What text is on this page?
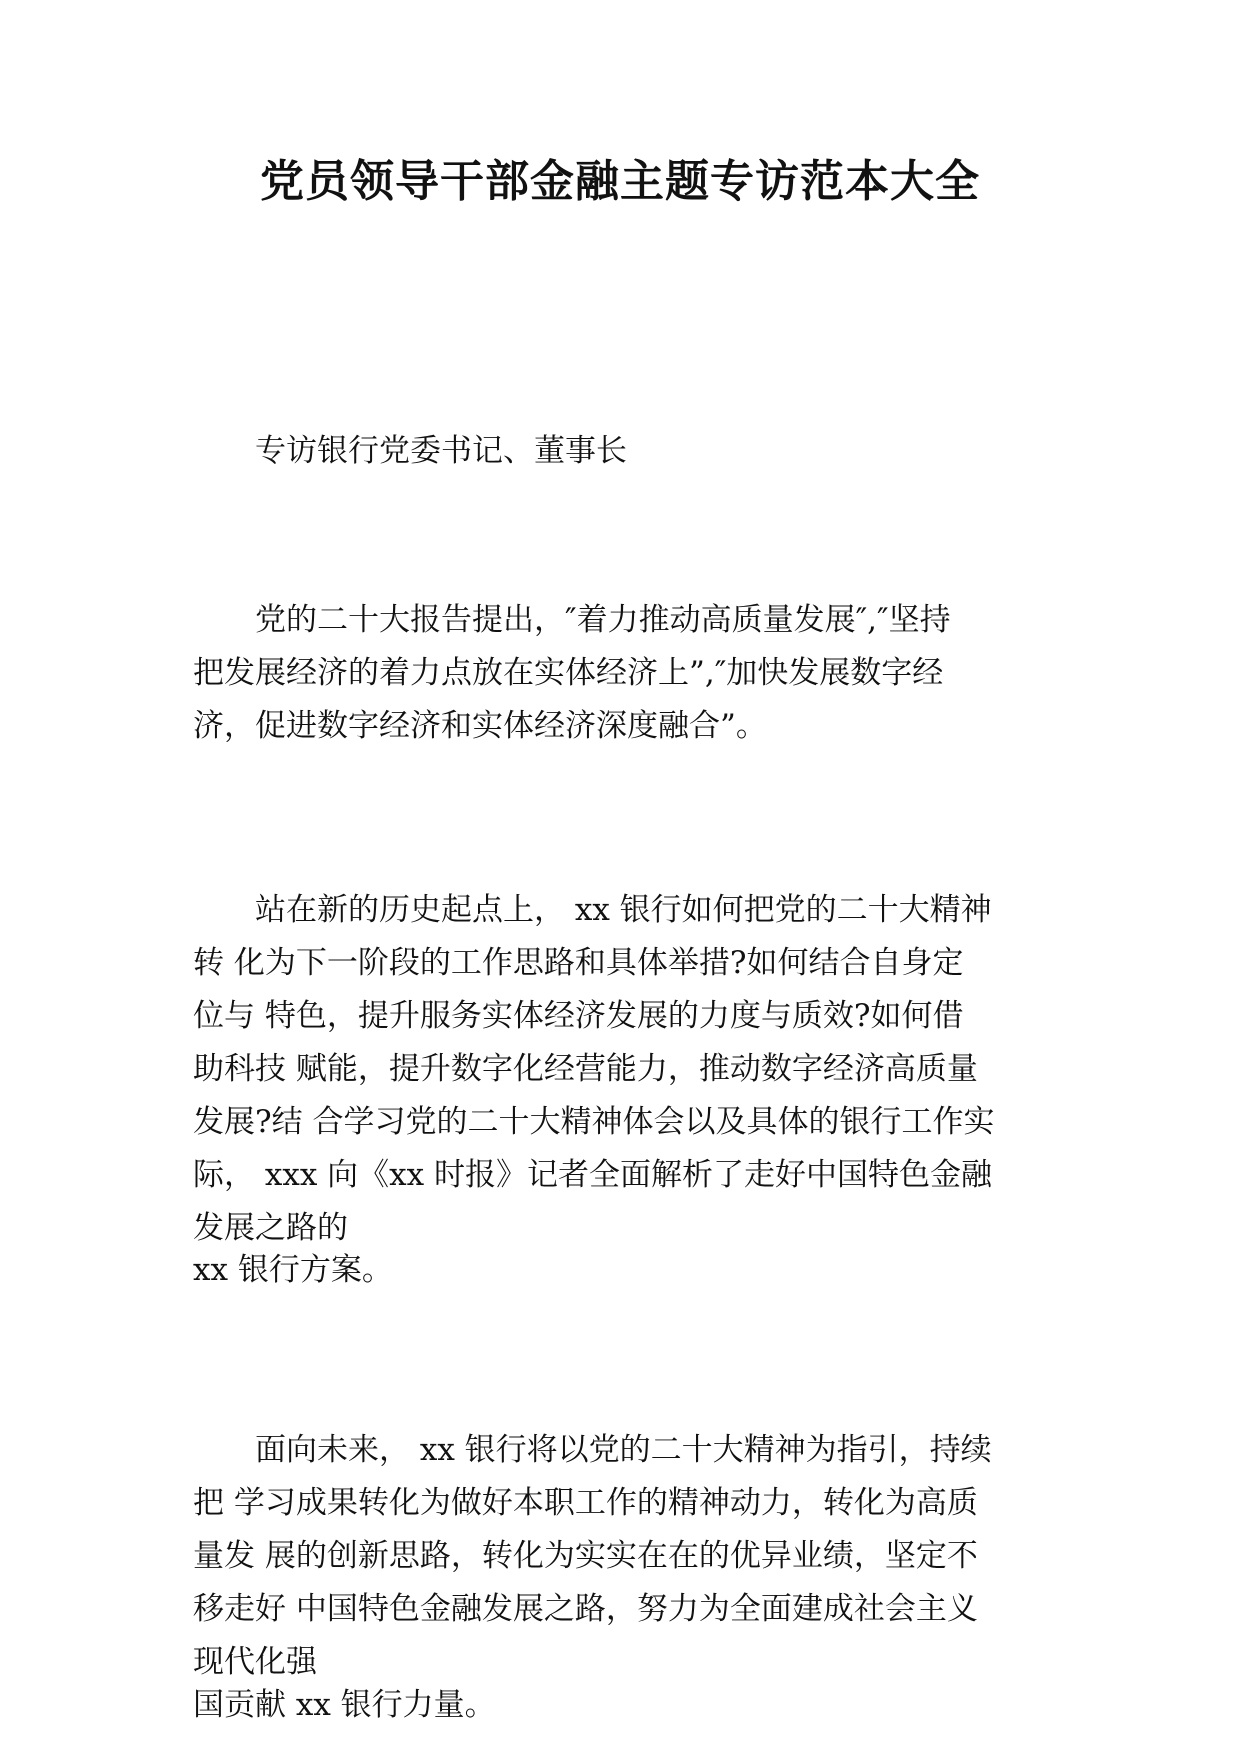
党员领导干部金融主题专访范本大全

　　专访银行党委书记、董事长

　　党的二十大报告提出，″着力推动高质量发展″,″坚持
把发展经济的着力点放在实体经济上”,″加快发展数字经
济，促进数字经济和实体经济深度融合”。

　　站在新的历史起点上， xx 银行如何把党的二十大精神
转 化为下一阶段的工作思路和具体举措?如何结合自身定
位与 特色，提升服务实体经济发展的力度与质效?如何借
助科技 赋能，提升数字化经营能力，推动数字经济高质量
发展?结 合学习党的二十大精神体会以及具体的银行工作实
际， xxx 向《xx 时报》记者全面解析了走好中国特色金融
发展之路的

xx 银行方案。

　　面向未来， xx 银行将以党的二十大精神为指引，持续
把 学习成果转化为做好本职工作的精神动力，转化为高质
量发 展的创新思路，转化为实实在在的优异业绩，坚定不
移走好 中国特色金融发展之路，努力为全面建成社会主义
现代化强

国贡献 xx 银行力量。
